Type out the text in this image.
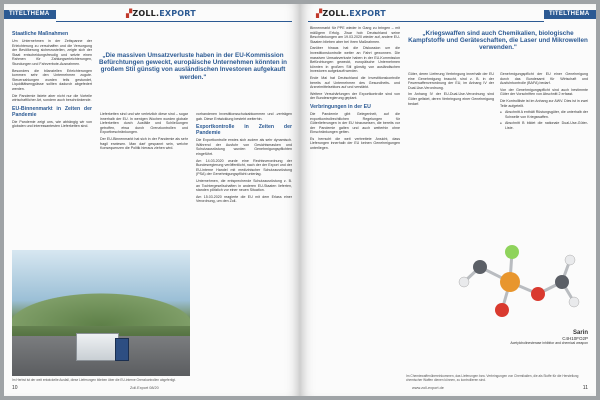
TITELTHEMA	▞ZOLL.EXPORT
Staatliche Maßnahmen

Um Unternehmen in der Zeitspanne der Erleichterung zu verschaffen und die Versorgung der Bevölkerung sicherzustellen, zeigte sich der Staat entscheidungsfreudig und setzte einen Rahmen für Zahlungserleichterungen, Stundungen und Fahrverbote-Ausnahmen.

Besonders die bilanziellen Erleichterungen kommen sehr den Unternehmen zugute. Steuerzahlungen wurden teils gestundet, Liquiditätsengpässe sollten dadurch abgefedert werden.

Die Pandemie listete aber nicht nur die Vorteile wirtschaftlicher Art, sondern auch beschränkende.

EU-Binnenmarkt in Zeiten der Pandemie

Die Pandemie zeigt uns, wie abhängig wir von globalen und interessantesten Lieferketten sind.

„Die massiven Umsatzverluste haben in der EU-Kommission Befürchtungen geweckt, europäische Unternehmen könnten in großem Stil günstig von ausländischen Investoren aufgekauft werden."

Lieferketten sind und wie verletzlich diese sind – sogar innerhalb der EU. In wenigen Wochen wurden globale Lieferketten durch Ausfälle und Schließungen getroffen, etwa durch Grenzkontrollen und Exportbeschränkungen.

Der EU-Binnenmarkt hat sich in der Pandemie als sehr fragil erwiesen. Man darf gespannt sein, welche Konsequenzen die Politik hieraus ziehen wird.

vorhandenen Investitionsschutzabkommen und -verträgen gab. Diese Entwicklung besteht weiterhin.

Exportkontrolle in Zeiten der Pandemie

Die Exportkontrolle erwies sich zudem als sehr dynamisch. Während der Ausfuhr von Gesichtsmasken und Schutzausrüstung wurden Genehmigungspflichten eingeführt.

Am 14.03.2020 wurde eine Rechtsverordnung der Bundesregierung veröffentlicht, nach der der Export und der EU-interne Handel mit medizinischer Schutzausrüstung (PSA) der Genehmigungspflicht unterlag.

Unternehmen, die entsprechende Schutzausrüstung z. B. an Tochtergesellschaften in anderen EU-Staaten lieferten, standen plötzlich vor einer neuen Situation.

Am 15.03.2020 reagierte die EU mit dem Erlass einer Verordnung, um den Zoll-

Im Herbst ist der weit entwickelte Ausfall, diese Lieferungen blieben über die EU-interne Grenzkontrollen abgefertigt.
10	Zoll.Export 08/20
TITELTHEMA
▞ZOLL.EXPORT

Binnenmarkt für PPE wieder in Gang zu bringen – mit mäßigem Erfolg. Zwar hob Deutschland seine Beschränkungen am 19.03.2020 wieder auf, andere EU-Staaten blieben aber bei ihren Maßnahmen.

Darüber hinaus hat die Diskussion um die Investitionskontrolle weiter an Fahrt gewonnen. Die massiven Umsatzverluste haben in der EU-Kommission Befürchtungen geweckt, europäische Unternehmen könnten in großem Stil günstig von ausländischen Investoren aufgekauft werden.

Ende Mai hat Deutschland die Investitionskontrolle bereits auf Unternehmen des Gesundheits- und Arzneimittelsektors auf und verstärkt.

Weitere Verschärfungen der Exportkontrolle sind von der Bundesregierung geplant.

Verbringungen in der EU

Die Pandemie gibt Gelegenheit, auf die exportkontrollrechtlichen Regelungen für Güterlieferungen in der EU hinzuweisen, die bereits vor der Pandemie galten und auch weiterhin ohne Einschränkungen gelten.

Es herrscht die weit verbreitete Ansicht, dass Lieferungen innerhalb der EU keinen Genehmigungen unterliegen.

„Kriegswaffen sind auch Chemikalien, biologische Kampfstoffe und Geräteschaften, die Laser und Mikrowellen verwenden."

Güter, deren Lieferung Verbringung innerhalb der EU eine Genehmigung braucht, sind z. B. in der Feuerwaffenverordnung der EU, im Anhang IV der Dual-Use-Verordnung.

Im Anhang IV der EU-Dual-Use-Verordnung sind Güter gelistet, deren Verbringung einer Genehmigung bedarf.

Genehmigungspflicht der EU einer Genehmigung durch das Bundesamt für Wirtschaft und Ausfuhrkontrolle (BAFA) bedarf.

Von der Genehmigungspflicht sind auch bestimmte Güter der Vorschriften von Abschnitt 2 erfasst.

Die Kontrollliste ist im Anhang zur AWV. Dies ist in zwei Teile aufgeteilt.

● Abschnitt A enthält Rüstungsgüter, die unterhalb der Schwelle von Kriegswaffen.
● Abschnitt B bildet die nationale Dual-Use-Güter-Liste.
Sarin
C4H10FO2P
Acetylcholinesterase inhibitor and chemical weapon
Im Chemiewaffenübereinkommen, das Lieferungen bzw. Verbringungen von Chemikalien, die als Stoffe für die Herstellung chemischer Waffen dienen können, zu kontrollieren sind.
www.zoll-export.de	11
